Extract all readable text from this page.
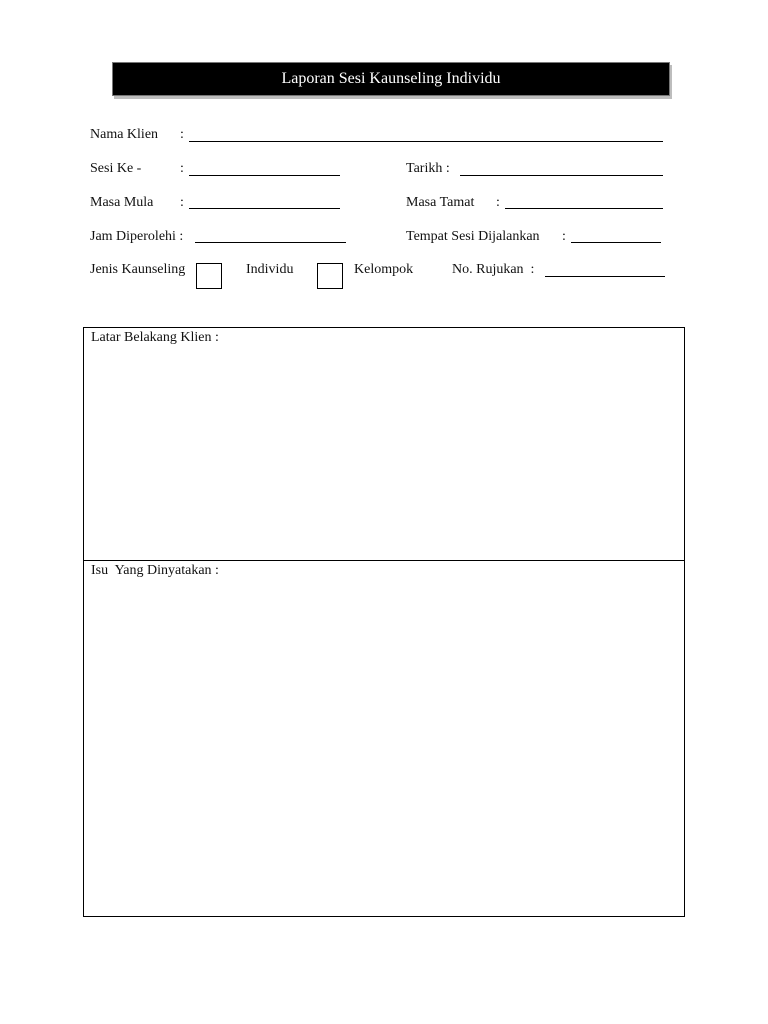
Laporan Sesi Kaunseling Individu
Nama Klien :
Sesi Ke -	:	Tarikh :
Masa Mula :	Masa Tamat :
Jam Diperolehi :	Tempat Sesi Dijalankan :
Jenis Kaunseling	Individu	Kelompok	No. Rujukan  :
Latar Belakang Klien :
Isu  Yang Dinyatakan :
